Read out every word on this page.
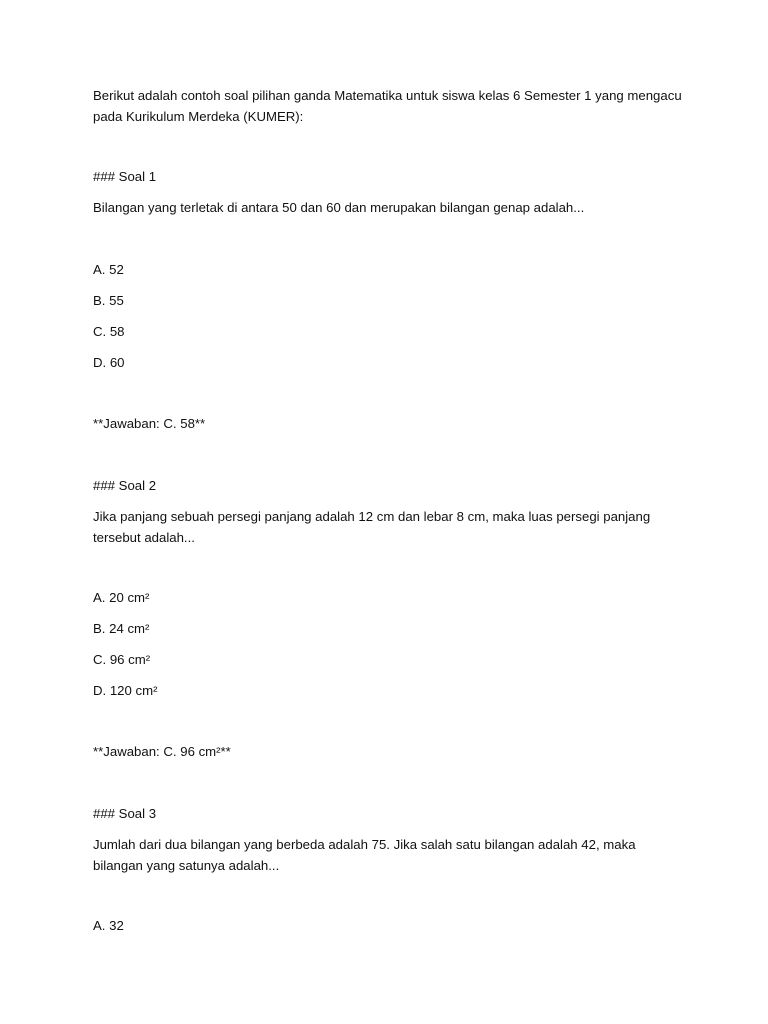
Berikut adalah contoh soal pilihan ganda Matematika untuk siswa kelas 6 Semester 1 yang mengacu pada Kurikulum Merdeka (KUMER):

### Soal 1

Bilangan yang terletak di antara 50 dan 60 dan merupakan bilangan genap adalah...

A. 52

B. 55

C. 58

D. 60

**Jawaban: C. 58**

### Soal 2

Jika panjang sebuah persegi panjang adalah 12 cm dan lebar 8 cm, maka luas persegi panjang tersebut adalah...

A. 20 cm²

B. 24 cm²

C. 96 cm²

D. 120 cm²

**Jawaban: C. 96 cm²**

### Soal 3

Jumlah dari dua bilangan yang berbeda adalah 75. Jika salah satu bilangan adalah 42, maka bilangan yang satunya adalah...

A. 32
